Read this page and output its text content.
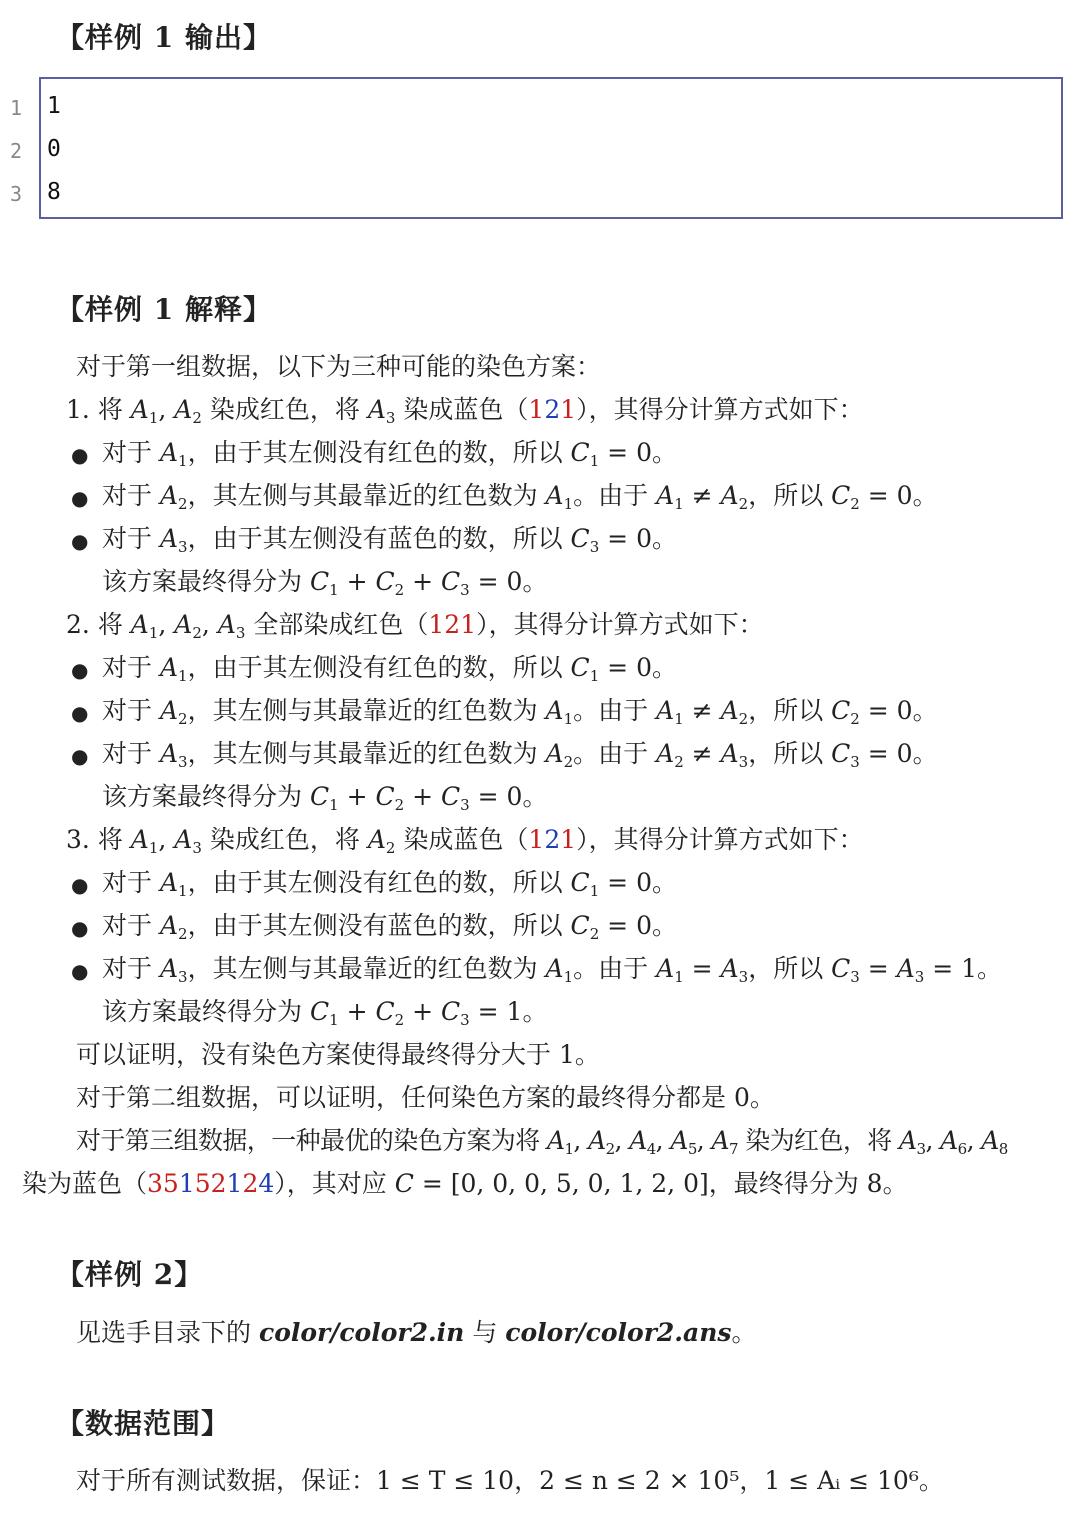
【样例 1 输出】
1
2
3
1
0
8
【样例 1 解释】
对于第一组数据，以下为三种可能的染色方案：
1. 将 $A_1$, $A_2$ 染成红色，将 $A_3$ 染成蓝色（121），其得分计算方式如下：
● 对于 $A_1$，由于其左侧没有红色的数，所以 $C_1 = 0$。
● 对于 $A_2$，其左侧与其最靠近的红色数为 $A_1$。由于 $A_1 \ne A_2$，所以 $C_2 = 0$。
● 对于 $A_3$，由于其左侧没有蓝色的数，所以 $C_3 = 0$。
该方案最终得分为 $C_1 + C_2 + C_3 = 0$。
2. 将 $A_1$, $A_2$, $A_3$ 全部染成红色（121），其得分计算方式如下：
● 对于 $A_1$，由于其左侧没有红色的数，所以 $C_1 = 0$。
● 对于 $A_2$，其左侧与其最靠近的红色数为 $A_1$。由于 $A_1 \ne A_2$，所以 $C_2 = 0$。
● 对于 $A_3$，其左侧与其最靠近的红色数为 $A_2$。由于 $A_2 \ne A_3$，所以 $C_3 = 0$。
该方案最终得分为 $C_1 + C_2 + C_3 = 0$。
3. 将 $A_1$, $A_3$ 染成红色，将 $A_2$ 染成蓝色（121），其得分计算方式如下：
● 对于 $A_1$，由于其左侧没有红色的数，所以 $C_1 = 0$。
● 对于 $A_2$，由于其左侧没有蓝色的数，所以 $C_2 = 0$。
● 对于 $A_3$，其左侧与其最靠近的红色数为 $A_1$。由于 $A_1 = A_3$，所以 $C_3 = A_3 = 1$。
该方案最终得分为 $C_1 + C_2 + C_3 = 1$。
可以证明，没有染色方案使得最终得分大于 1。
对于第二组数据，可以证明，任何染色方案的最终得分都是 0。
对于第三组数据，一种最优的染色方案为将 $A_1$, $A_2$, $A_4$, $A_5$, $A_7$ 染为红色，将 $A_3$, $A_6$, $A_8$
染为蓝色（35152124），其对应 C = [0, 0, 0, 5, 0, 1, 2, 0]，最终得分为 8。
【样例 2】
见选手目录下的 color/color2.in 与 color/color2.ans。
【数据范围】
对于所有测试数据，保证：1 ≤ T ≤ 10，2 ≤ n ≤ 2 × 10⁵，1 ≤ Aᵢ ≤ 10⁶。
